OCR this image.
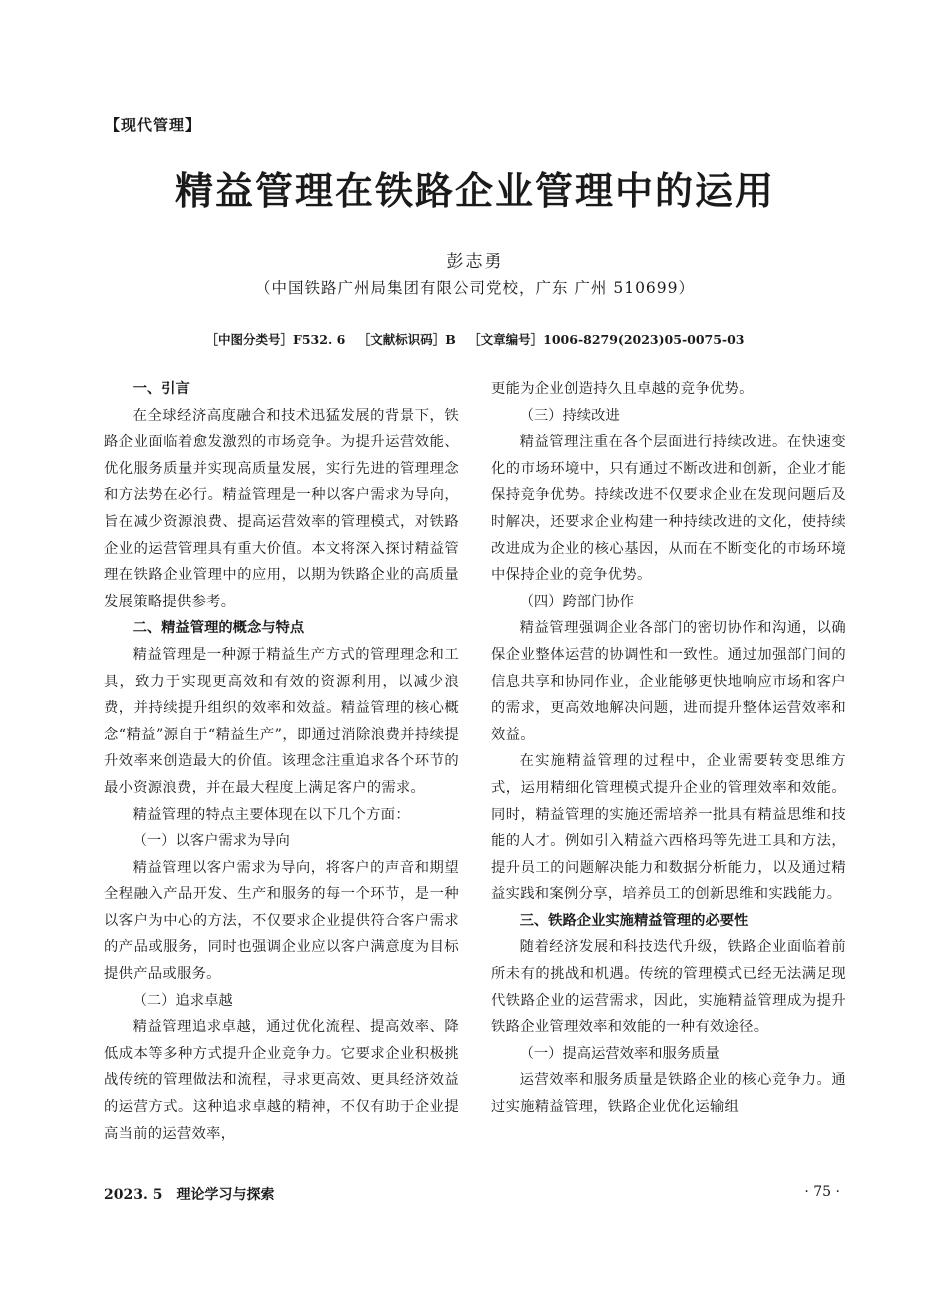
【现代管理】
精益管理在铁路企业管理中的运用
彭志勇
（中国铁路广州局集团有限公司党校，广东 广州 510699）
［中图分类号］F532. 6 ［文献标识码］B ［文章编号］1006-8279(2023)05-0075-03
一、引言

在全球经济高度融合和技术迅猛发展的背景下，铁路企业面临着愈发激烈的市场竞争。为提升运营效能、优化服务质量并实现高质量发展，实行先进的管理理念和方法势在必行。精益管理是一种以客户需求为导向，旨在减少资源浪费、提高运营效率的管理模式，对铁路企业的运营管理具有重大价值。本文将深入探讨精益管理在铁路企业管理中的应用，以期为铁路企业的高质量发展策略提供参考。

二、精益管理的概念与特点

精益管理是一种源于精益生产方式的管理理念和工具，致力于实现更高效和有效的资源利用，以减少浪费，并持续提升组织的效率和效益。精益管理的核心概念“精益”源自于“精益生产”，即通过消除浪费并持续提升效率来创造最大的价值。该理念注重追求各个环节的最小资源浪费，并在最大程度上满足客户的需求。

精益管理的特点主要体现在以下几个方面：

（一）以客户需求为导向

精益管理以客户需求为导向，将客户的声音和期望全程融入产品开发、生产和服务的每一个环节，是一种以客户为中心的方法，不仅要求企业提供符合客户需求的产品或服务，同时也强调企业应以客户满意度为目标提供产品或服务。

（二）追求卓越

精益管理追求卓越，通过优化流程、提高效率、降低成本等多种方式提升企业竞争力。它要求企业积极挑战传统的管理做法和流程，寻求更高效、更具经济效益的运营方式。这种追求卓越的精神，不仅有助于企业提高当前的运营效率，

更能为企业创造持久且卓越的竞争优势。

（三）持续改进

精益管理注重在各个层面进行持续改进。在快速变化的市场环境中，只有通过不断改进和创新，企业才能保持竞争优势。持续改进不仅要求企业在发现问题后及时解决，还要求企业构建一种持续改进的文化，使持续改进成为企业的核心基因，从而在不断变化的市场环境中保持企业的竞争优势。

（四）跨部门协作

精益管理强调企业各部门的密切协作和沟通，以确保企业整体运营的协调性和一致性。通过加强部门间的信息共享和协同作业，企业能够更快地响应市场和客户的需求，更高效地解决问题，进而提升整体运营效率和效益。

在实施精益管理的过程中，企业需要转变思维方式，运用精细化管理模式提升企业的管理效率和效能。同时，精益管理的实施还需培养一批具有精益思维和技能的人才。例如引入精益六西格玛等先进工具和方法，提升员工的问题解决能力和数据分析能力，以及通过精益实践和案例分享，培养员工的创新思维和实践能力。

三、铁路企业实施精益管理的必要性

随着经济发展和科技迭代升级，铁路企业面临着前所未有的挑战和机遇。传统的管理模式已经无法满足现代铁路企业的运营需求，因此，实施精益管理成为提升铁路企业管理效率和效能的一种有效途径。

（一）提高运营效率和服务质量

运营效率和服务质量是铁路企业的核心竞争力。通过实施精益管理，铁路企业优化运输组

2023. 5 理论学习与探索	· 75 ·
